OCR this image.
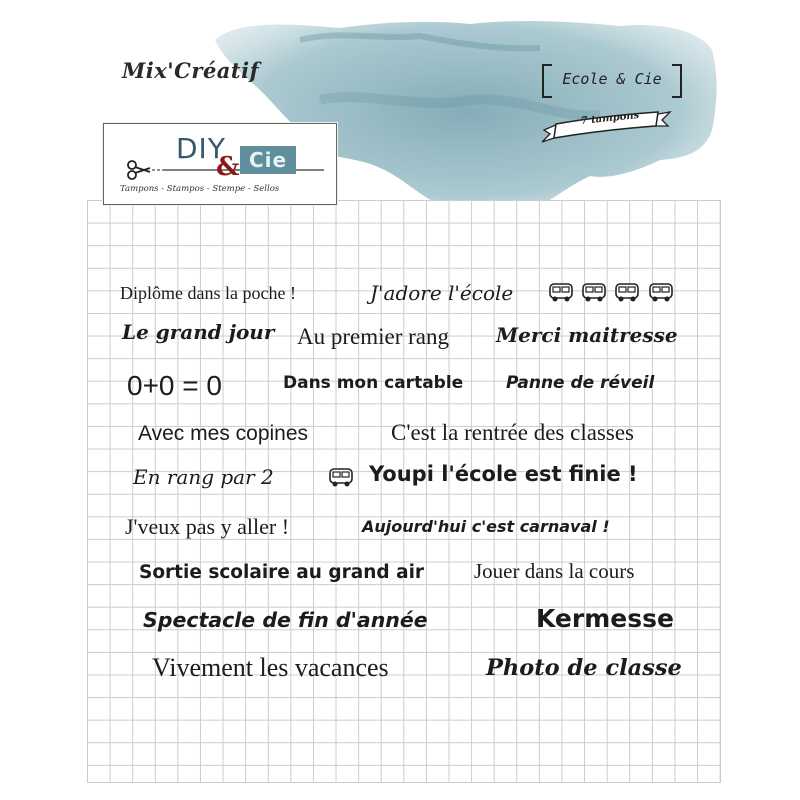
Mix'Créatif
DIY
& Cie
Tampons - Stampos - Stempe - Sellos
Ecole & Cie
7 tampons
Diplôme dans la poche !	J'adore l'école
Le grand jour Au premier rang Merci maitresse
0+0 = 0	Dans mon cartable	Panne de réveil
Avec mes copines	C'est la rentrée des classes
En rang par 2	Youpi l'école est finie !
J'veux pas y aller !	Aujourd'hui c'est carnaval !
Sortie scolaire au grand air Jouer dans la cours
Spectacle de fin d'année	Kermesse
Vivement les vacances	Photo de classe
